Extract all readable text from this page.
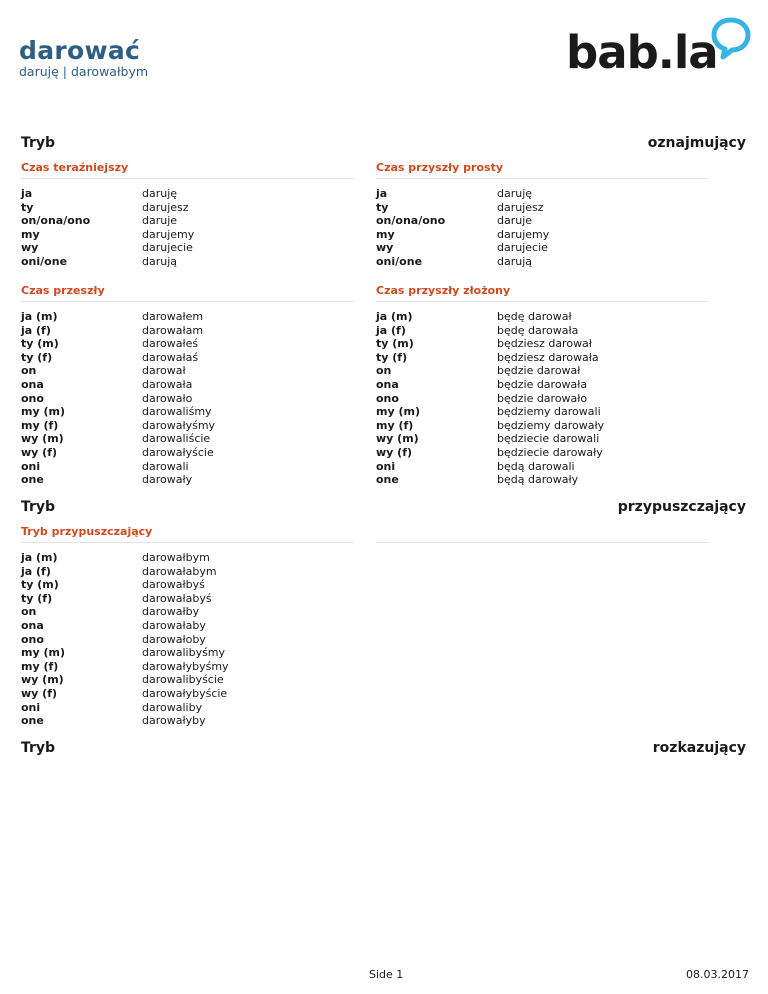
darować
daruję | darowałbym	bab.la
Tryb	oznajmujący
Czas teraźniejszy
ja	daruję
ty	darujesz
on/ona/ono	daruje
my	darujemy
wy	darujecie
oni/one	darują
Czas przyszły prosty
ja	daruję
ty	darujesz
on/ona/ono	daruje
my	darujemy
wy	darujecie
oni/one	darują
Czas przeszły
ja (m)	darowałem
ja (f)	darowałam
ty (m)	darowałeś
ty (f)	darowałaś
on	darował
ona	darowała
ono	darowało
my (m)	darowaliśmy
my (f)	darowałyśmy
wy (m)	darowaliście
wy (f)	darowałyście
oni	darowali
one	darowały
Czas przyszły złożony
ja (m)	będę darował
ja (f)	będę darowała
ty (m)	będziesz darował
ty (f)	będziesz darowała
on	będzie darował
ona	będzie darowała
ono	będzie darowało
my (m)	będziemy darowali
my (f)	będziemy darowały
wy (m)	będziecie darowali
wy (f)	będziecie darowały
oni	będą darowali
one	będą darowały
Tryb	przypuszczający
Tryb przypuszczający
ja (m)	darowałbym
ja (f)	darowałabym
ty (m)	darowałbyś
ty (f)	darowałabyś
on	darowałby
ona	darowałaby
ono	darowałoby
my (m)	darowalibyśmy
my (f)	darowałybyśmy
wy (m)	darowalibyście
wy (f)	darowałybyście
oni	darowaliby
one	darowałyby
Tryb	rozkazujący
Side 1	08.03.2017
